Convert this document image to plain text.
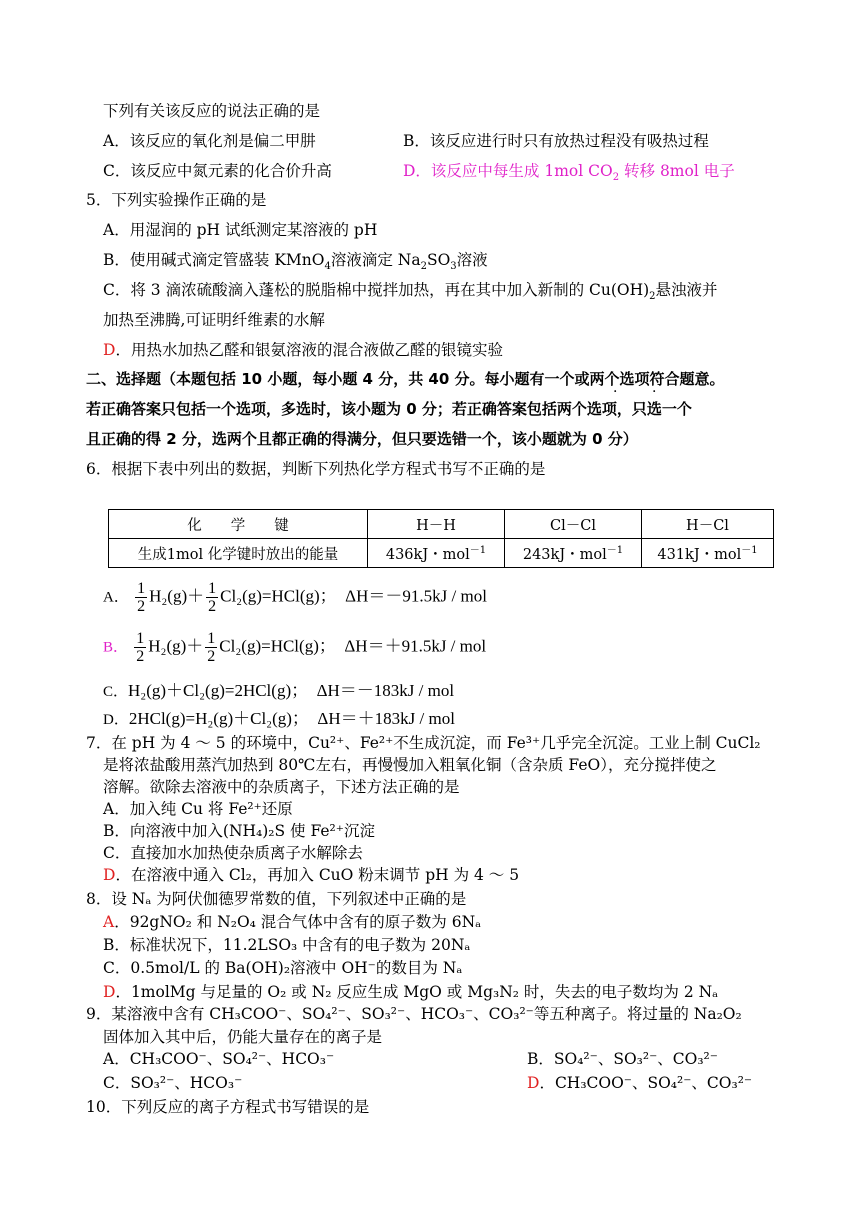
下列有关该反应的说法正确的是
A．该反应的氧化剂是偏二甲肼	B．该反应进行时只有放热过程没有吸热过程
C．该反应中氮元素的化合价升高	D．该反应中每生成 1mol $CO_2$ 转移 8mol 电子
5．下列实验操作正确的是
A．用湿润的 pH 试纸测定某溶液的 pH
B．使用碱式滴定管盛装 KMnO$_4$溶液滴定 $Na_2SO_3$溶液
C．将 3 滴浓硫酸滴入蓬松的脱脂棉中搅拌加热，再在其中加入新制的 $Cu(OH)_2$悬浊液并
加热至沸腾,可证明纤维素的水解
D．用热水加热乙醛和银氨溶液的混合液做乙醛的银镜实验
二、选择题（本题包括 10 小题，每小题 4 分，共 40 分。每小题有一个或两个选项符合题意。
· ·
若正确答案只包括一个选项，多选时，该小题为 0 分；若正确答案包括两个选项，只选一个
且正确的得 2 分，选两个且都正确的得满分，但只要选错一个，该小题就为 0 分）
6．根据下表中列出的数据，判断下列热化学方程式书写不正确的是
化　　学　　键	H－H	Cl－Cl	H－Cl
生成1mol 化学键时放出的能量	436kJ・mol$^{-1}$	243kJ・mol$^{-1}$	431kJ・mol$^{-1}$
A． $\frac{1}{2} H_2(g)+ \frac{1}{2} Cl_2(g)=HCl(g)$；　ΔH＝－91.5kJ / mol
B． $\frac{1}{2} H_2(g)+ \frac{1}{2} Cl_2(g)=HCl(g)$；　ΔH＝＋91.5kJ / mol
C．H₂(g)＋Cl₂(g)=2HCl(g)；　ΔH＝－183kJ / mol
D．2HCl(g)=H₂(g)＋Cl₂(g)；　ΔH＝＋183kJ / mol
7．在 pH 为 4 ～ 5 的环境中，Cu²⁺、Fe²⁺不生成沉淀，而 Fe³⁺几乎完全沉淀。工业上制 CuCl₂
是将浓盐酸用蒸汽加热到 80℃左右，再慢慢加入粗氧化铜（含杂质 FeO），充分搅拌使之
溶解。欲除去溶液中的杂质离子，下述方法正确的是
A．加入纯 Cu 将 Fe²⁺还原
B．向溶液中加入(NH₄)₂S 使 Fe²⁺沉淀
C．直接加水加热使杂质离子水解除去
D．在溶液中通入 Cl₂，再加入 CuO 粉末调节 pH 为 4 ～ 5
8．设 Nₐ 为阿伏伽德罗常数的值，下列叙述中正确的是
A．92gNO₂ 和 N₂O₄ 混合气体中含有的原子数为 6Nₐ
B．标准状况下，11.2LSO₃ 中含有的电子数为 20Nₐ
C．0.5mol/L 的 Ba(OH)₂溶液中 OH⁻的数目为 Nₐ
D．1molMg 与足量的 O₂ 或 N₂ 反应生成 MgO 或 Mg₃N₂ 时，失去的电子数均为 2 Nₐ
9．某溶液中含有 CH₃COO⁻、SO₄²⁻、SO₃²⁻、HCO₃⁻、CO₃²⁻等五种离子。将过量的 Na₂O₂
固体加入其中后，仍能大量存在的离子是
A．CH₃COO⁻、SO₄²⁻、HCO₃⁻	B．SO₄²⁻、SO₃²⁻、CO₃²⁻
C．SO₃²⁻、HCO₃⁻	D．CH₃COO⁻、SO₄²⁻、CO₃²⁻
10．下列反应的离子方程式书写错误的是
